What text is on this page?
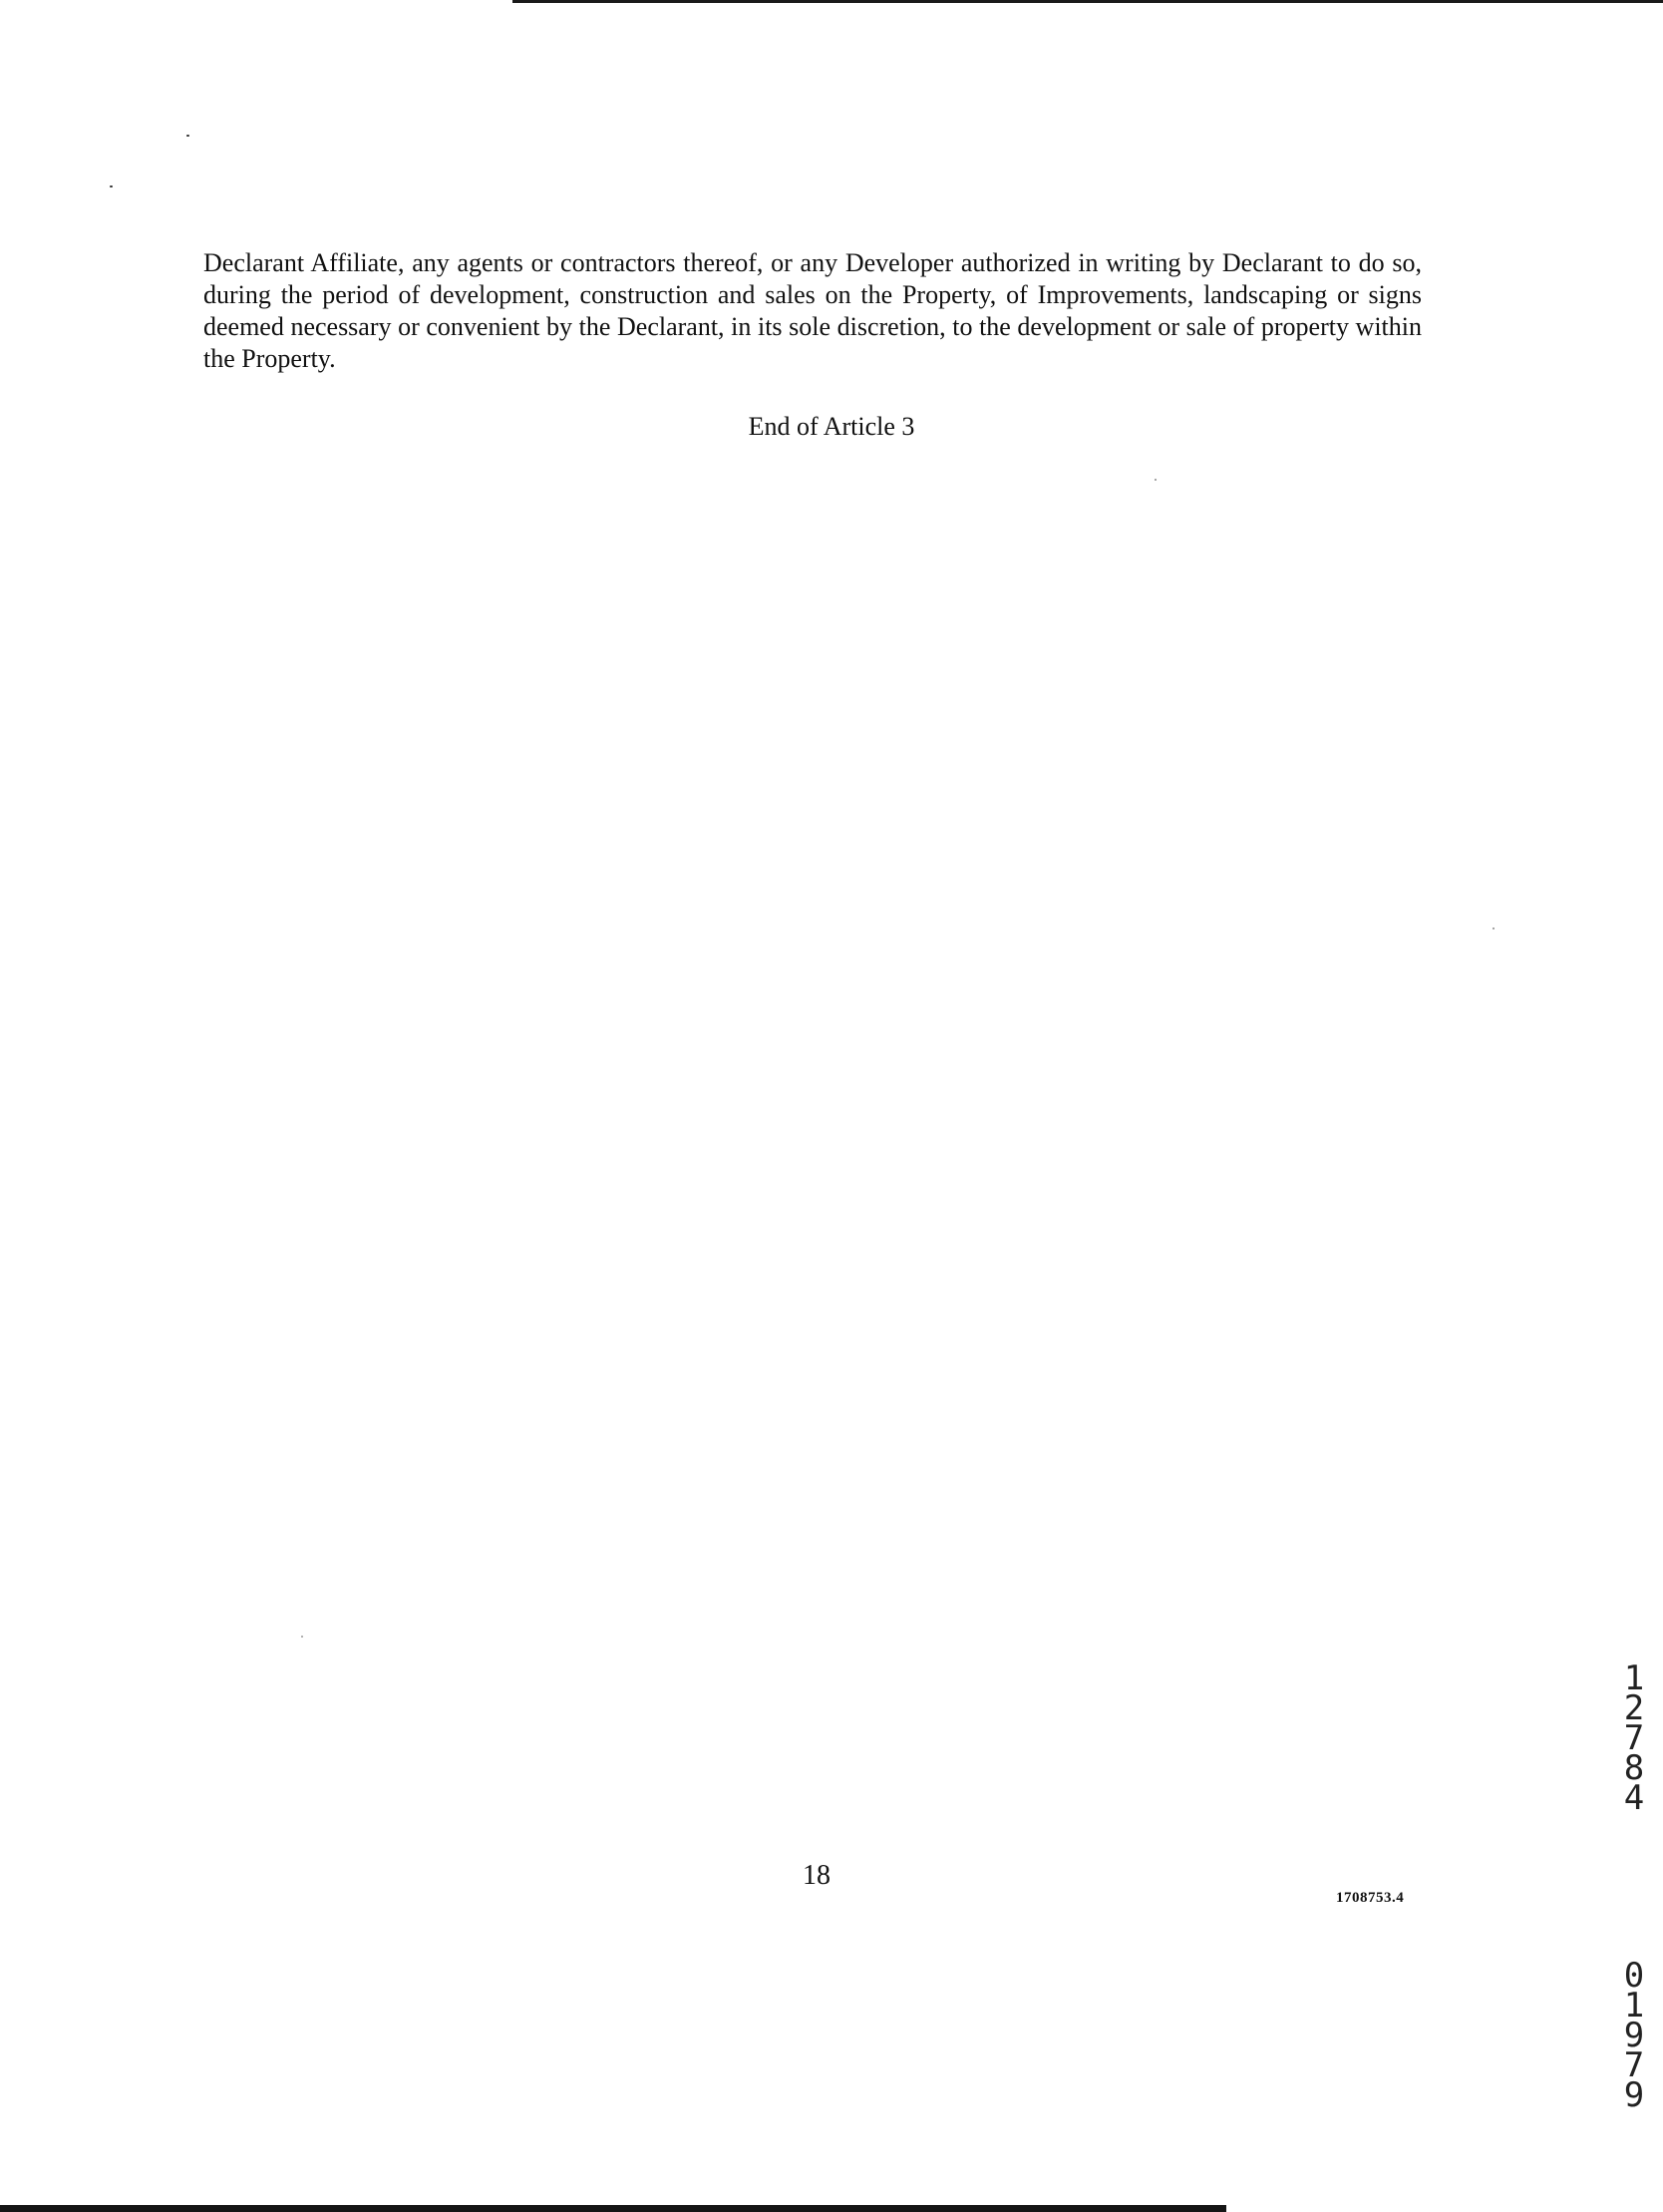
Declarant Affiliate, any agents or contractors thereof, or any Developer authorized in writing by Declarant to do so, during the period of development, construction and sales on the Property, of Improvements, landscaping or signs deemed necessary or convenient by the Declarant, in its sole discretion, to the development or sale of property within the Property.

End of Article 3

18
1708753.4

12784

01979
